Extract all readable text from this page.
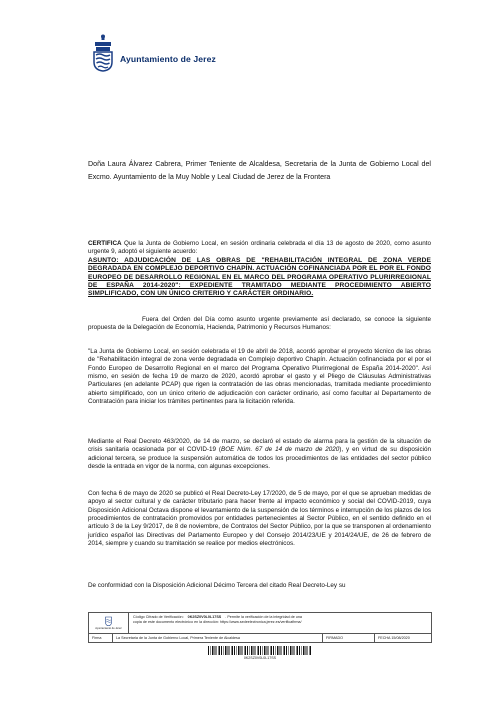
Ayuntamiento de Jerez
Doña Laura Álvarez Cabrera, Primer Teniente de Alcaldesa, Secretaria de la Junta de Gobierno Local del Excmo. Ayuntamiento de la Muy Noble y Leal Ciudad de Jerez de la Frontera
CERTIFICA Que la Junta de Gobierno Local, en sesión ordinaria celebrada el día 13 de agosto de 2020, como asunto urgente 9, adoptó el siguiente acuerdo:
ASUNTO: ADJUDICACIÓN DE LAS OBRAS DE "REHABILITACIÓN INTEGRAL DE ZONA VERDE DEGRADADA EN COMPLEJO DEPORTIVO CHAPÍN. ACTUACIÓN COFINANCIADA POR EL POR EL FONDO EUROPEO DE DESARROLLO REGIONAL EN EL MARCO DEL PROGRAMA OPERATIVO PLURIRREGIONAL DE ESPAÑA 2014-2020": EXPEDIENTE TRAMITADO MEDIANTE PROCEDIMIENTO ABIERTO SIMPLIFICADO, CON UN ÚNICO CRITERIO Y CARÁCTER ORDINARIO.
Fuera del Orden del Día como asunto urgente previamente así declarado, se conoce la siguiente propuesta de la Delegación de Economía, Hacienda, Patrimonio y Recursos Humanos:
"La Junta de Gobierno Local, en sesión celebrada el 19 de abril de 2018, acordó aprobar el proyecto técnico de las obras de "Rehabilitación integral de zona verde degradada en Complejo deportivo Chapín. Actuación cofinanciada por el por el Fondo Europeo de Desarrollo Regional en el marco del Programa Operativo Plurirregional de España 2014-2020". Así mismo, en sesión de fecha 19 de marzo de 2020, acordó aprobar el gasto y el Pliego de Cláusulas Administrativas Particulares (en adelante PCAP) que rigen la contratación de las obras mencionadas, tramitada mediante procedimiento abierto simplificado, con un único criterio de adjudicación con carácter ordinario, así como facultar al Departamento de Contratación para iniciar los trámites pertinentes para la licitación referida.
Mediante el Real Decreto 463/2020, de 14 de marzo, se declaró el estado de alarma para la gestión de la situación de crisis sanitaria ocasionada por el COVID-19 (BOE Núm. 67 de 14 de marzo de 2020), y en virtud de su disposición adicional tercera, se produce la suspensión automática de todos los procedimientos de las entidades del sector público desde la entrada en vigor de la norma, con algunas excepciones.
Con fecha 6 de mayo de 2020 se publicó el Real Decreto-Ley 17/2020, de 5 de mayo, por el que se aprueban medidas de apoyo al sector cultural y de carácter tributario para hacer frente al impacto económico y social del COVID-2019, cuya Disposición Adicional Octava dispone el levantamiento de la suspensión de los términos e interrupción de los plazos de los procedimientos de contratación promovidos por entidades pertenecientes al Sector Público, en el sentido definido en el artículo 3 de la Ley 9/2017, de 8 de noviembre, de Contratos del Sector Público, por la que se transponen al ordenamiento jurídico español las Directivas del Parlamento Europeo y del Consejo 2014/23/UE y 2014/24/UE, de 26 de febrero de 2014, siempre y cuando su tramitación se realice por medios electrónicos.
De conformidad con la Disposición Adicional Décimo Tercera del citado Real Decreto-Ley su
Ayuntamiento de Jerez
Código Cifrado de Verificación: 0K2SZ0V0L0L17SS . Permite la verificación de la integridad de una
copia de este documento electrónico en la dirección: https://www.sedeelectronica.jerez.es/verificafirma/
Firma	La Secretaria de la Junta de Gobierno Local, Primera Teniente de Alcaldesa	FIRMADO	FECHA 15/08/2020
0K2SZ0V0L0L17SS
